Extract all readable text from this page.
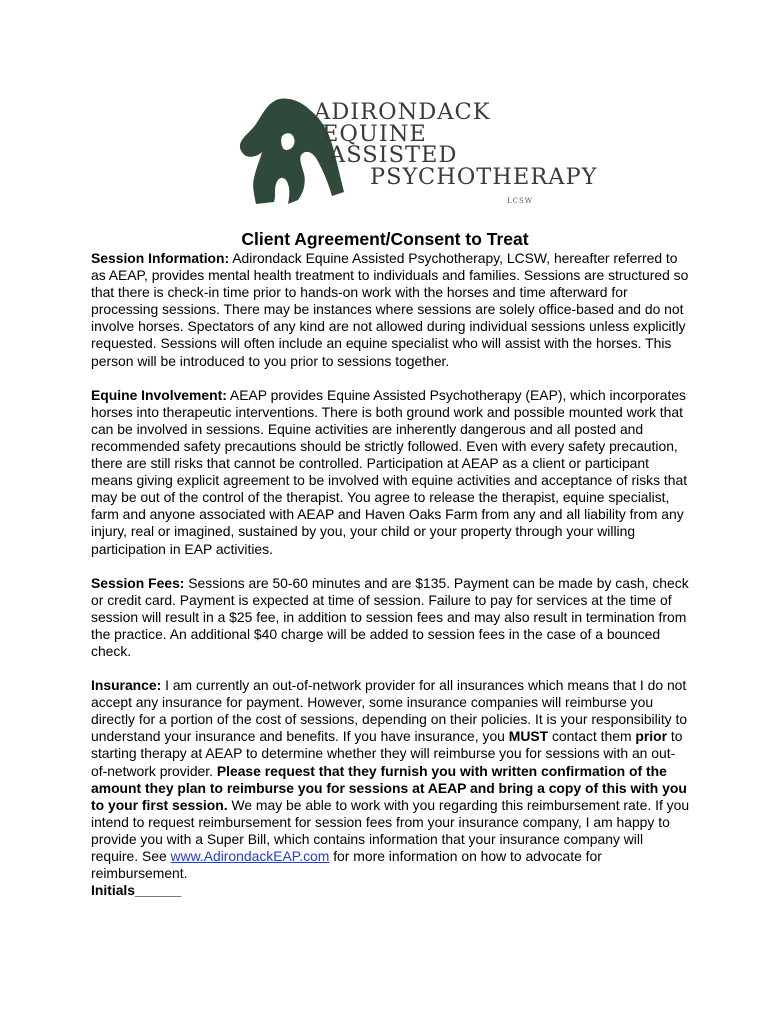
ADIRONDACK
EQUINE
ASSISTED
PSYCHOTHERAPY
LCSW
Client Agreement/Consent to Treat

Session Information: Adirondack Equine Assisted Psychotherapy, LCSW, hereafter referred to as AEAP, provides mental health treatment to individuals and families. Sessions are structured so that there is check-in time prior to hands-on work with the horses and time afterward for processing sessions. There may be instances where sessions are solely office-based and do not involve horses. Spectators of any kind are not allowed during individual sessions unless explicitly requested. Sessions will often include an equine specialist who will assist with the horses. This person will be introduced to you prior to sessions together.

Equine Involvement: AEAP provides Equine Assisted Psychotherapy (EAP), which incorporates horses into therapeutic interventions. There is both ground work and possible mounted work that can be involved in sessions. Equine activities are inherently dangerous and all posted and recommended safety precautions should be strictly followed. Even with every safety precaution, there are still risks that cannot be controlled. Participation at AEAP as a client or participant means giving explicit agreement to be involved with equine activities and acceptance of risks that may be out of the control of the therapist. You agree to release the therapist, equine specialist, farm and anyone associated with AEAP and Haven Oaks Farm from any and all liability from any injury, real or imagined, sustained by you, your child or your property through your willing participation in EAP activities.

Session Fees: Sessions are 50-60 minutes and are $135. Payment can be made by cash, check or credit card. Payment is expected at time of session. Failure to pay for services at the time of session will result in a $25 fee, in addition to session fees and may also result in termination from the practice. An additional $40 charge will be added to session fees in the case of a bounced check.

Insurance: I am currently an out-of-network provider for all insurances which means that I do not accept any insurance for payment. However, some insurance companies will reimburse you directly for a portion of the cost of sessions, depending on their policies. It is your responsibility to understand your insurance and benefits. If you have insurance, you MUST contact them prior to starting therapy at AEAP to determine whether they will reimburse you for sessions with an out-of-network provider. Please request that they furnish you with written confirmation of the amount they plan to reimburse you for sessions at AEAP and bring a copy of this with you to your first session. We may be able to work with you regarding this reimbursement rate. If you intend to request reimbursement for session fees from your insurance company, I am happy to provide you with a Super Bill, which contains information that your insurance company will require. See www.AdirondackEAP.com for more information on how to advocate for reimbursement.

Initials______
